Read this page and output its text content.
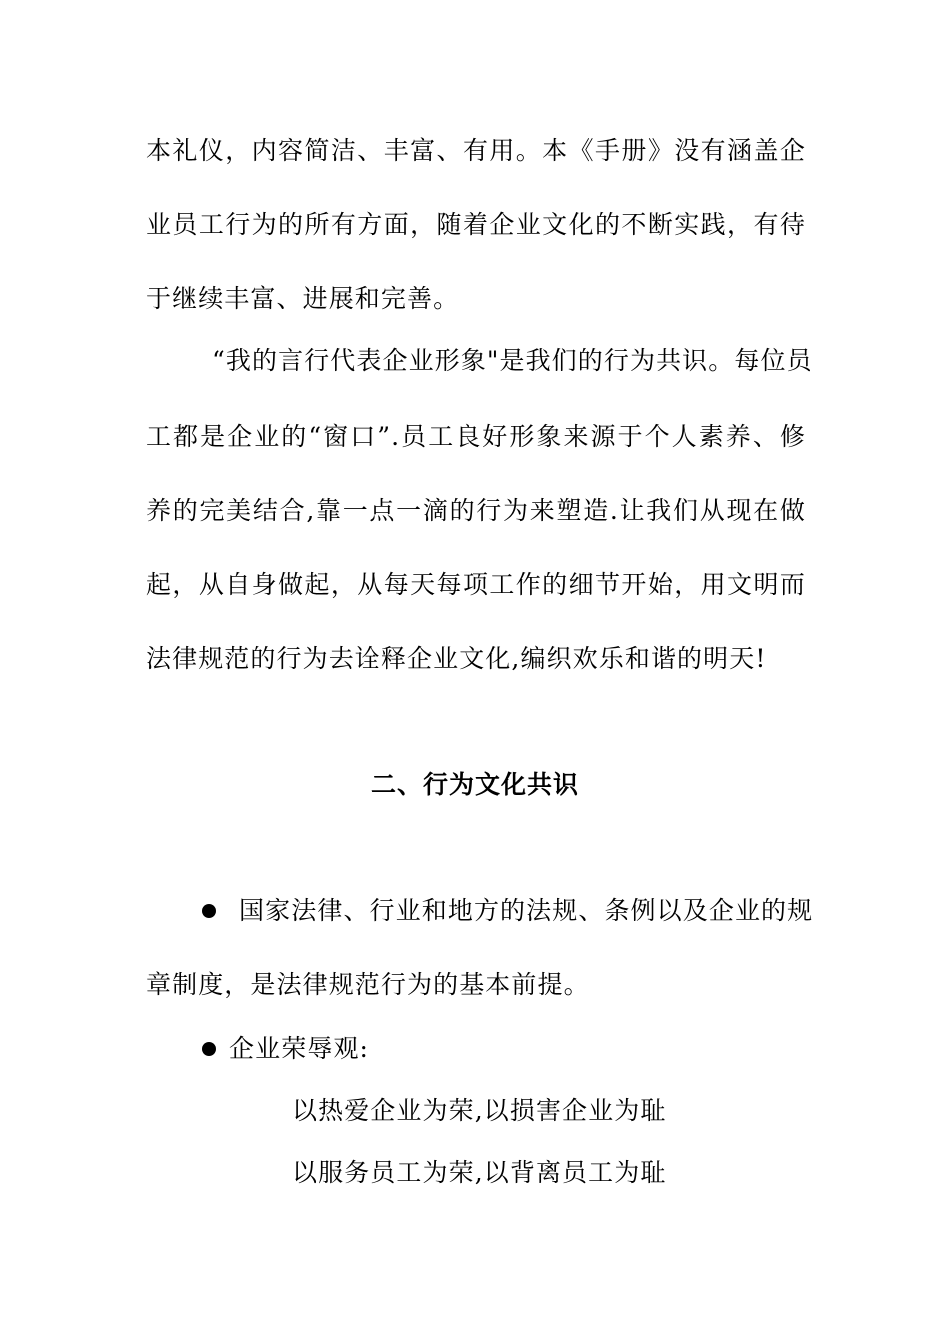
本礼仪，内容简洁、丰富、有用。本《手册》没有涵盖企
业员工行为的所有方面，随着企业文化的不断实践，有待
于继续丰富、进展和完善。
“我的言行代表企业形象"是我们的行为共识。每位员
工都是企业的“窗口”.员工良好形象来源于个人素养、修
养的完美结合,靠一点一滴的行为来塑造.让我们从现在做
起，从自身做起，从每天每项工作的细节开始，用文明而
法律规范的行为去诠释企业文化,编织欢乐和谐的明天!
二、行为文化共识
国家法律、行业和地方的法规、条例以及企业的规
章制度，是法律规范行为的基本前提。
企业荣辱观:
以热爱企业为荣,以损害企业为耻
以服务员工为荣,以背离员工为耻
